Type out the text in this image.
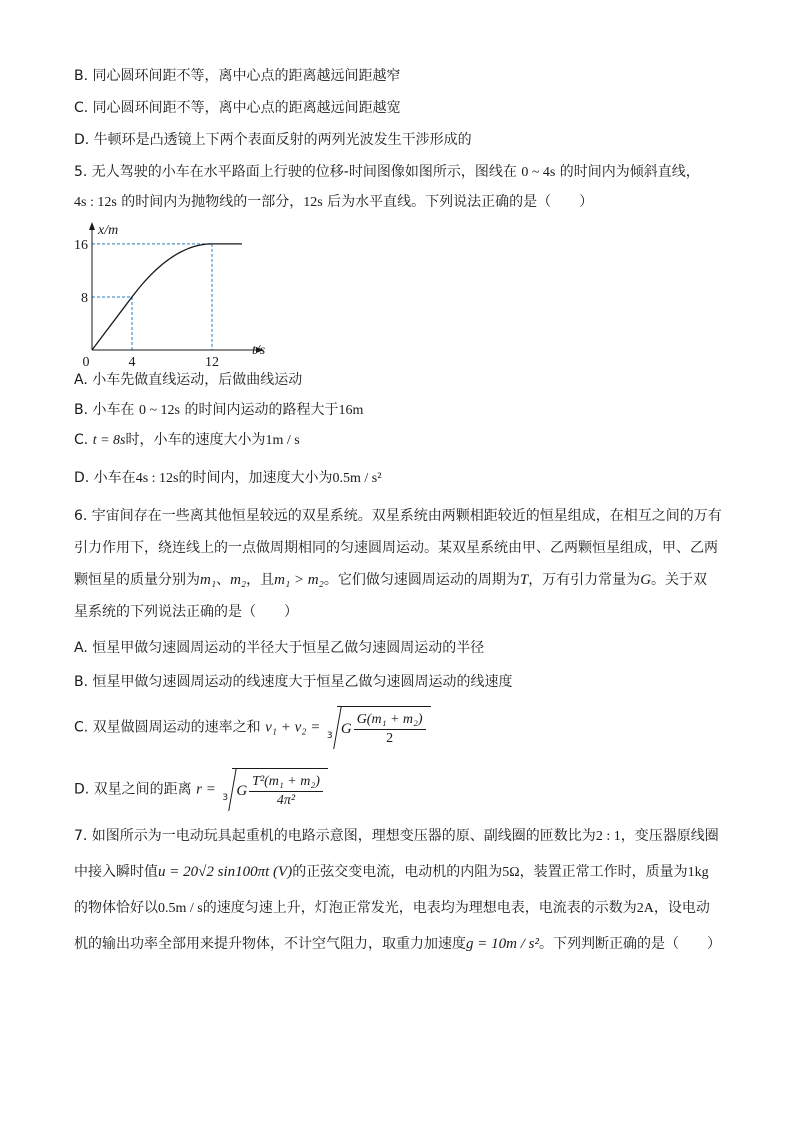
B. 同心圆环间距不等，离中心点的距离越远间距越窄
C. 同心圆环间距不等，离中心点的距离越远间距越宽
D. 牛顿环是凸透镜上下两个表面反射的两列光波发生干涉形成的
5. 无人驾驶的小车在水平路面上行驶的位移-时间图像如图所示，图线在 0 ~ 4s 的时间内为倾斜直线，
4s : 12s 的时间内为抛物线的一部分，12s 后为水平直线。下列说法正确的是（　　）
x/m
t/s
0	4	12
8
16
A. 小车先做直线运动，后做曲线运动
B. 小车在 0 ~ 12s 的时间内运动的路程大于16m
C. t = 8s时，小车的速度大小为1m / s
D. 小车在4s : 12s的时间内，加速度大小为0.5m / s²
6. 宇宙间存在一些离其他恒星较远的双星系统。双星系统由两颗相距较近的恒星组成，在相互之间的万有
引力作用下，绕连线上的一点做周期相同的匀速圆周运动。某双星系统由甲、乙两颗恒星组成，甲、乙两
颗恒星的质量分别为m₁、m₂，且m₁ > m₂。它们做匀速圆周运动的周期为T，万有引力常量为G。关于双
星系统的下列说法正确的是（　　）
A. 恒星甲做匀速圆周运动的半径大于恒星乙做匀速圆周运动的半径
B. 恒星甲做匀速圆周运动的线速度大于恒星乙做匀速圆周运动的线速度
C. 双星做圆周运动的速率之和 v₁ + v₂ =
3 G $\frac{\text{G(m₁ + m₂)}}{2}$
D. 双星之间的距离 r =
3 G $\frac{\text{T²(m₁ + m₂)}}{\text{4π²}}$
7. 如图所示为一电动玩具起重机的电路示意图，理想变压器的原、副线圈的匝数比为2 : 1，变压器原线圈
中接入瞬时值u = 20√2 sin100πt (V)的正弦交变电流，电动机的内阻为5Ω，装置正常工作时，质量为1kg
的物体恰好以0.5m / s的速度匀速上升，灯泡正常发光，电表均为理想电表，电流表的示数为2A，设电动
机的输出功率全部用来提升物体，不计空气阻力，取重力加速度g = 10m / s²。下列判断正确的是（　　）
